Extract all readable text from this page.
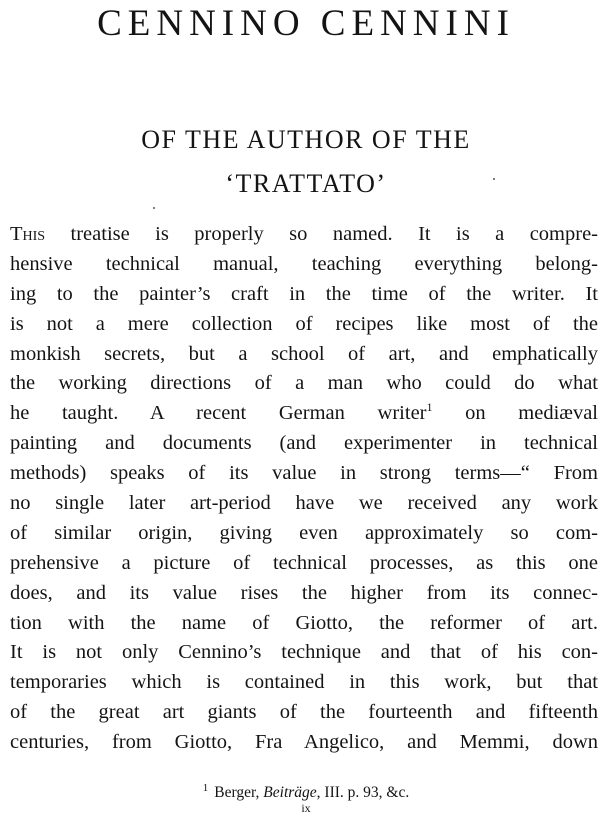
CENNINO CENNINI
OF THE AUTHOR OF THE
‘TRATTATO’
This treatise is properly so named. It is a compre-
hensive technical manual, teaching everything belong-
ing to the painter’s craft in the time of the writer. It
is not a mere collection of recipes like most of the
monkish secrets, but a school of art, and emphatically
the working directions of a man who could do what
he taught. A recent German writer$^1$ on mediæval
painting and documents (and experimenter in technical
methods) speaks of its value in strong terms—“ From
no single later art-period have we received any work
of similar origin, giving even approximately so com-
prehensive a picture of technical processes, as this one
does, and its value rises the higher from its connec-
tion with the name of Giotto, the reformer of art.
It is not only Cennino’s technique and that of his con-
temporaries which is contained in this work, but that
of the great art giants of the fourteenth and fifteenth
centuries, from Giotto, Fra Angelico, and Memmi, down
$^1$ Berger, Beiträge, III. p. 93, &c.
ix
